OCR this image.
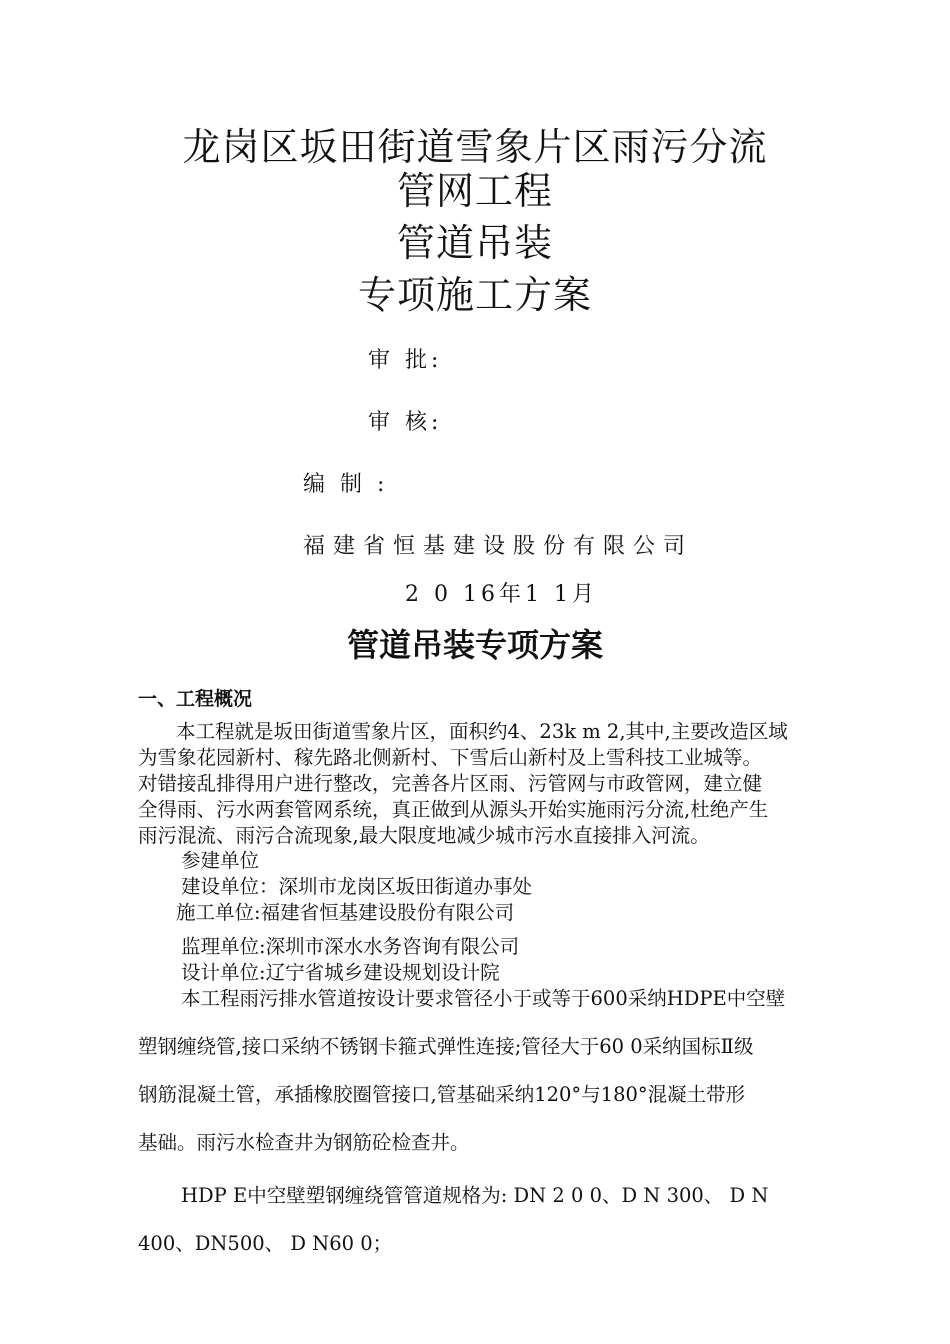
龙岗区坂田街道雪象片区雨污分流
管网工程
管道吊装
专项施工方案
审 批:
审 核:
编 制 :
福建省恒基建设股份有限公司
2 0 16年1 1月
管道吊装专项方案
一、工程概况
本工程就是坂田街道雪象片区，面积约4、23k m 2,其中,主要改造区域
为雪象花园新村、稼先路北侧新村、下雪后山新村及上雪科技工业城等。
对错接乱排得用户进行整改，完善各片区雨、污管网与市政管网，建立健
全得雨、污水两套管网系统，真正做到从源头开始实施雨污分流,杜绝产生
雨污混流、雨污合流现象,最大限度地减少城市污水直接排入河流。
参建单位
建设单位：深圳市龙岗区坂田街道办事处
施工单位:福建省恒基建设股份有限公司
监理单位:深圳市深水水务咨询有限公司
设计单位:辽宁省城乡建设规划设计院
本工程雨污排水管道按设计要求管径小于或等于600采纳HDPE中空壁
塑钢缠绕管,接口采纳不锈钢卡箍式弹性连接;管径大于60 0采纳国标Ⅱ级
钢筋混凝土管，承插橡胶圈管接口,管基础采纳120°与180°混凝土带形
基础。雨污水检查井为钢筋砼检查井。
HDP E中空壁塑钢缠绕管管道规格为: DN 2 0 0、D N 300、 D N
400、DN500、 D N60 0；
